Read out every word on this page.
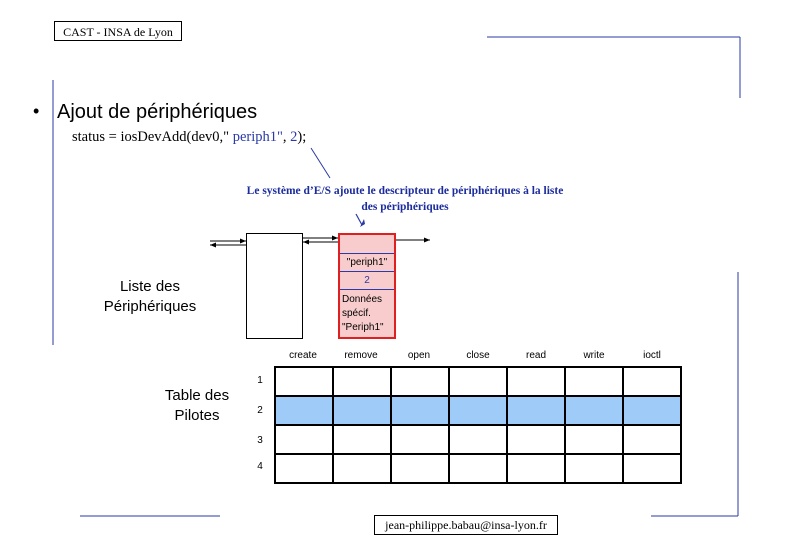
CAST - INSA de Lyon
• Ajout de périphériques
status = iosDevAdd(dev0," periph1", 2);
Le système d’E/S ajoute le descripteur de périphériques à la liste
des périphériques
Liste des
Périphériques
"periph1"
2
Données
spécif.
"Periph1"
Table des
Pilotes
create	remove	open	close	read	write	ioctl
1
2
3
4

jean-philippe.babau@insa-lyon.fr
